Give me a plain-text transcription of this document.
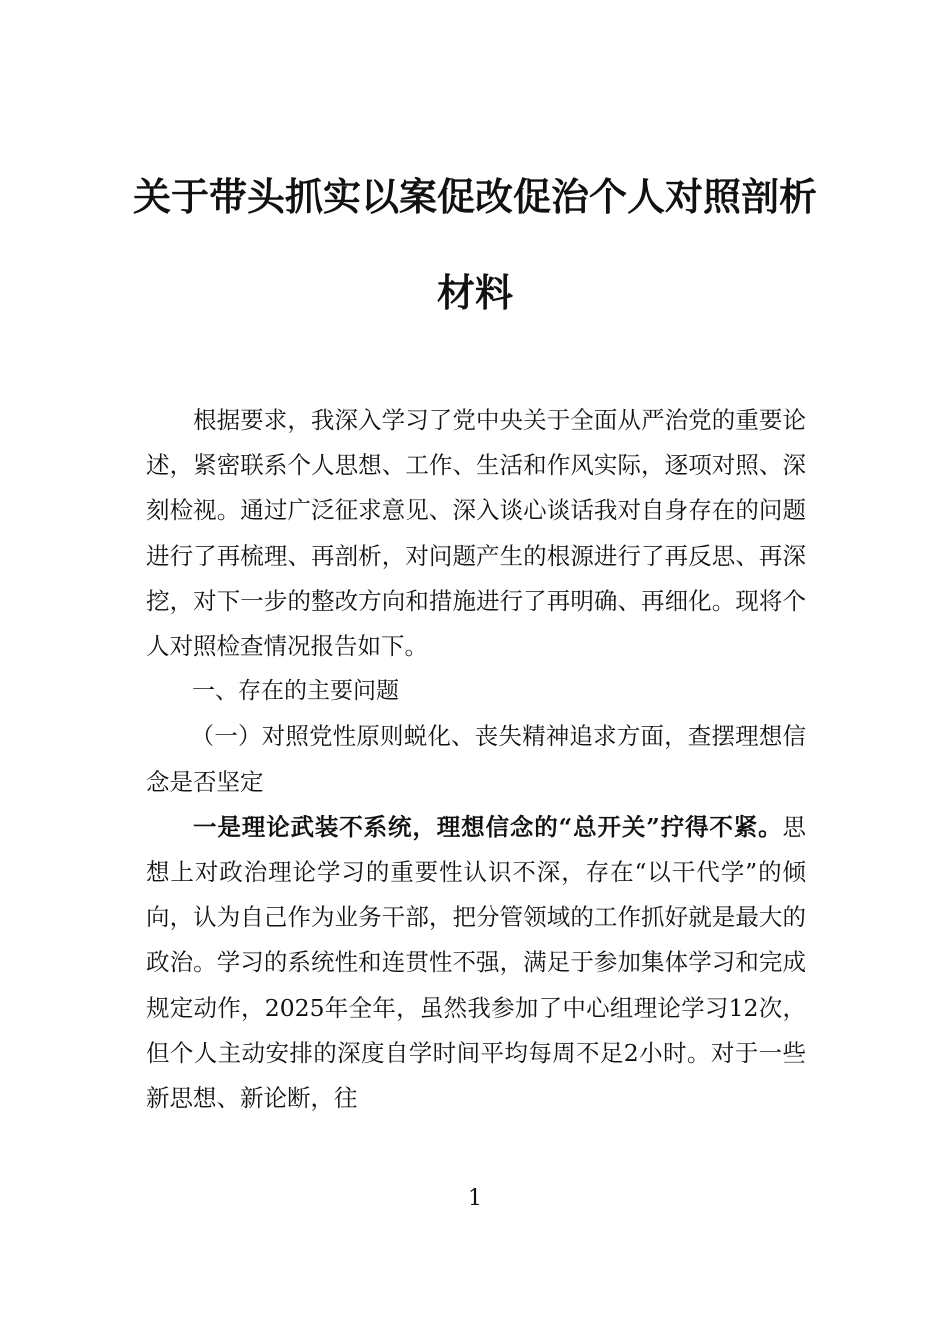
关于带头抓实以案促改促治个人对照剖析
材料

根据要求，我深入学习了党中央关于全面从严治党的重要论述，紧密联系个人思想、工作、生活和作风实际，逐项对照、深刻检视。通过广泛征求意见、深入谈心谈话我对自身存在的问题进行了再梳理、再剖析，对问题产生的根源进行了再反思、再深挖，对下一步的整改方向和措施进行了再明确、再细化。现将个人对照检查情况报告如下。

一、存在的主要问题

（一）对照党性原则蜕化、丧失精神追求方面，查摆理想信念是否坚定

一是理论武装不系统，理想信念的“总开关”拧得不紧。思想上对政治理论学习的重要性认识不深，存在“以干代学”的倾向，认为自己作为业务干部，把分管领域的工作抓好就是最大的政治。学习的系统性和连贯性不强，满足于参加集体学习和完成规定动作，2025年全年，虽然我参加了中心组理论学习12次，但个人主动安排的深度自学时间平均每周不足2小时。对于一些新思想、新论断，往

1
